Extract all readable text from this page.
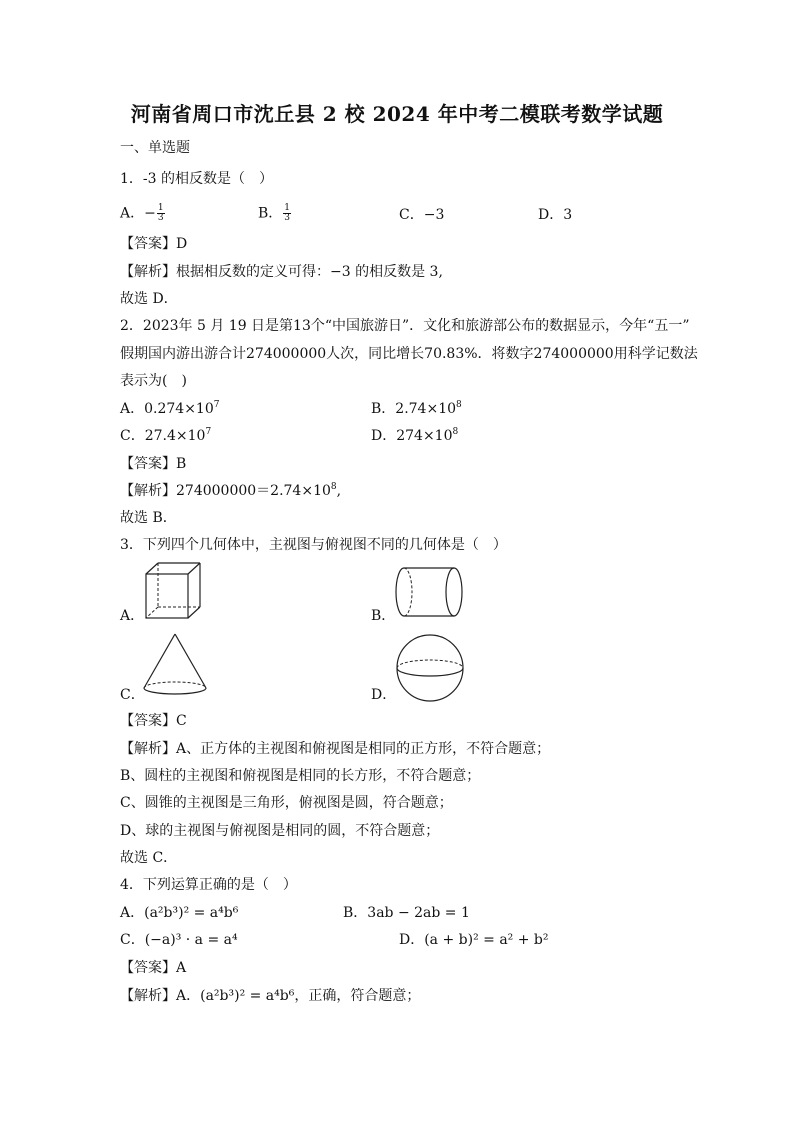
河南省周口市沈丘县 2 校 2024 年中考二模联考数学试题
一、单选题
1．-3 的相反数是（　）
A．− $\frac{1}{3}$	B． $\frac{1}{3}$	C．−3	D．3
【答案】D
【解析】根据相反数的定义可得：−3 的相反数是 3,
故选 D．
2．2023年 5 月 19 日是第13个“中国旅游日”．文化和旅游部公布的数据显示，今年“五一”
假期国内游出游合计274000000人次，同比增长70.83%．将数字274000000用科学记数法
表示为(　)
A．$0.274\times 10^7$	B．$2.74\times 10^8$
C．$27.4\times 10^7$	D．$274\times 10^8$
【答案】B
【解析】$274000000=2.74\times 10^8$,
故选 B．
3．下列四个几何体中，主视图与俯视图不同的几何体是（　）
A．	B．
C．	D．
【答案】C
【解析】A、正方体的主视图和俯视图是相同的正方形，不符合题意；
B、圆柱的主视图和俯视图是相同的长方形，不符合题意；
C、圆锥的主视图是三角形，俯视图是圆，符合题意；
D、球的主视图与俯视图是相同的圆，不符合题意；
故选 C．
4．下列运算正确的是（　）
A．(a²b³)² = a⁴b⁶	B．3ab − 2ab = 1
C．(−a)³ · a = a⁴	D．(a + b)² = a² + b²
【答案】A
【解析】A．(a²b³)² = a⁴b⁶，正确，符合题意；
